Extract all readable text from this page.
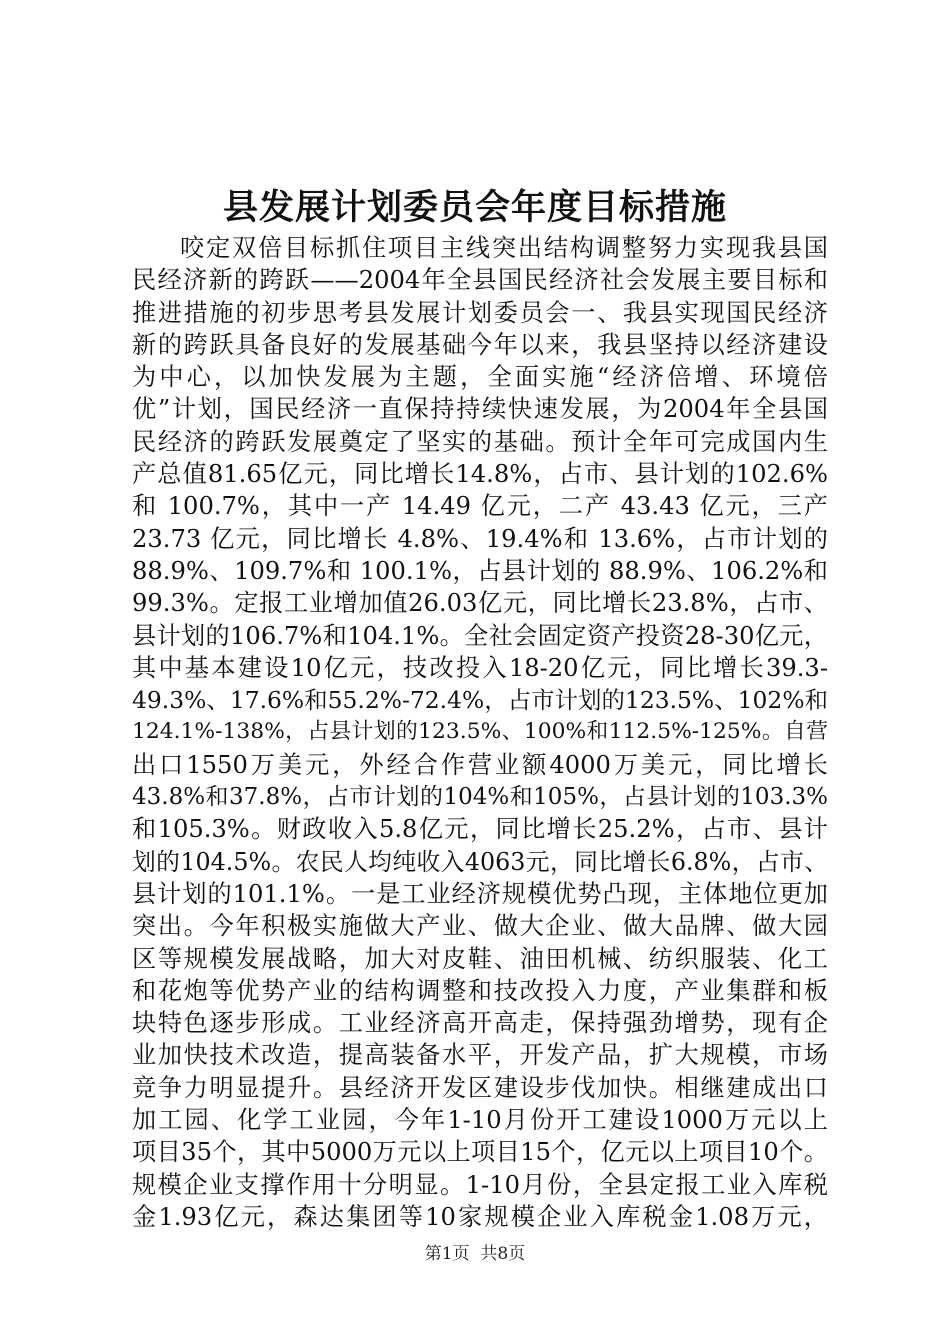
县发展计划委员会年度目标措施
咬定双倍目标抓住项目主线突出结构调整努力实现我县国
民经济新的跨跃——2004年全县国民经济社会发展主要目标和
推进措施的初步思考县发展计划委员会一、我县实现国民经济
新的跨跃具备良好的发展基础今年以来，我县坚持以经济建设
为中心，以加快发展为主题，全面实施“经济倍增、环境倍
优”计划，国民经济一直保持持续快速发展，为2004年全县国
民经济的跨跃发展奠定了坚实的基础。预计全年可完成国内生
产总值81.65亿元，同比增长14.8%，占市、县计划的102.6%
和 100.7%，其中一产 14.49 亿元，二产 43.43 亿元，三产
23.73 亿元，同比增长 4.8%、19.4%和 13.6%，占市计划的
88.9%、109.7%和 100.1%，占县计划的 88.9%、106.2%和
99.3%。定报工业增加值26.03亿元，同比增长23.8%，占市、
县计划的106.7%和104.1%。全社会固定资产投资28-30亿元，
其中基本建设10亿元，技改投入18-20亿元，同比增长39.3-
49.3%、17.6%和55.2%-72.4%，占市计划的123.5%、102%和
124.1%-138%，占县计划的123.5%、100%和112.5%-125%。自营
出口1550万美元，外经合作营业额4000万美元，同比增长
43.8%和37.8%，占市计划的104%和105%，占县计划的103.3%
和105.3%。财政收入5.8亿元，同比增长25.2%，占市、县计
划的104.5%。农民人均纯收入4063元，同比增长6.8%，占市、
县计划的101.1%。一是工业经济规模优势凸现，主体地位更加
突出。今年积极实施做大产业、做大企业、做大品牌、做大园
区等规模发展战略，加大对皮鞋、油田机械、纺织服装、化工
和花炮等优势产业的结构调整和技改投入力度，产业集群和板
块特色逐步形成。工业经济高开高走，保持强劲增势，现有企
业加快技术改造，提高装备水平，开发产品，扩大规模，市场
竞争力明显提升。县经济开发区建设步伐加快。相继建成出口
加工园、化学工业园，今年1-10月份开工建设1000万元以上
项目35个，其中5000万元以上项目15个，亿元以上项目10个。
规模企业支撑作用十分明显。1-10月份，全县定报工业入库税
金1.93亿元，森达集团等10家规模企业入库税金1.08万元，
第1页  共8页
